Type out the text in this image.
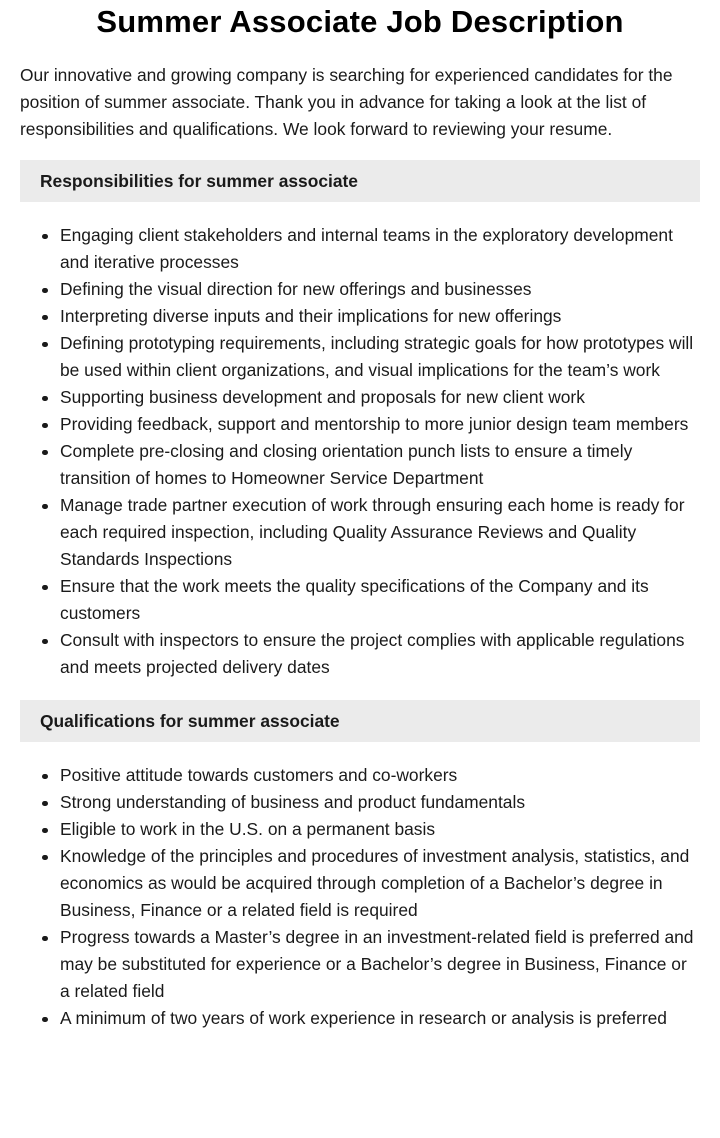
Summer Associate Job Description

Our innovative and growing company is searching for experienced candidates for the position of summer associate. Thank you in advance for taking a look at the list of responsibilities and qualifications. We look forward to reviewing your resume.

Responsibilities for summer associate
Engaging client stakeholders and internal teams in the exploratory development and iterative processes
Defining the visual direction for new offerings and businesses
Interpreting diverse inputs and their implications for new offerings
Defining prototyping requirements, including strategic goals for how prototypes will be used within client organizations, and visual implications for the team’s work
Supporting business development and proposals for new client work
Providing feedback, support and mentorship to more junior design team members
Complete pre-closing and closing orientation punch lists to ensure a timely transition of homes to Homeowner Service Department
Manage trade partner execution of work through ensuring each home is ready for each required inspection, including Quality Assurance Reviews and Quality Standards Inspections
Ensure that the work meets the quality specifications of the Company and its customers
Consult with inspectors to ensure the project complies with applicable regulations and meets projected delivery dates
Qualifications for summer associate
Positive attitude towards customers and co-workers
Strong understanding of business and product fundamentals
Eligible to work in the U.S. on a permanent basis
Knowledge of the principles and procedures of investment analysis, statistics, and economics as would be acquired through completion of a Bachelor’s degree in Business, Finance or a related field is required
Progress towards a Master’s degree in an investment-related field is preferred and may be substituted for experience or a Bachelor’s degree in Business, Finance or a related field
A minimum of two years of work experience in research or analysis is preferred
